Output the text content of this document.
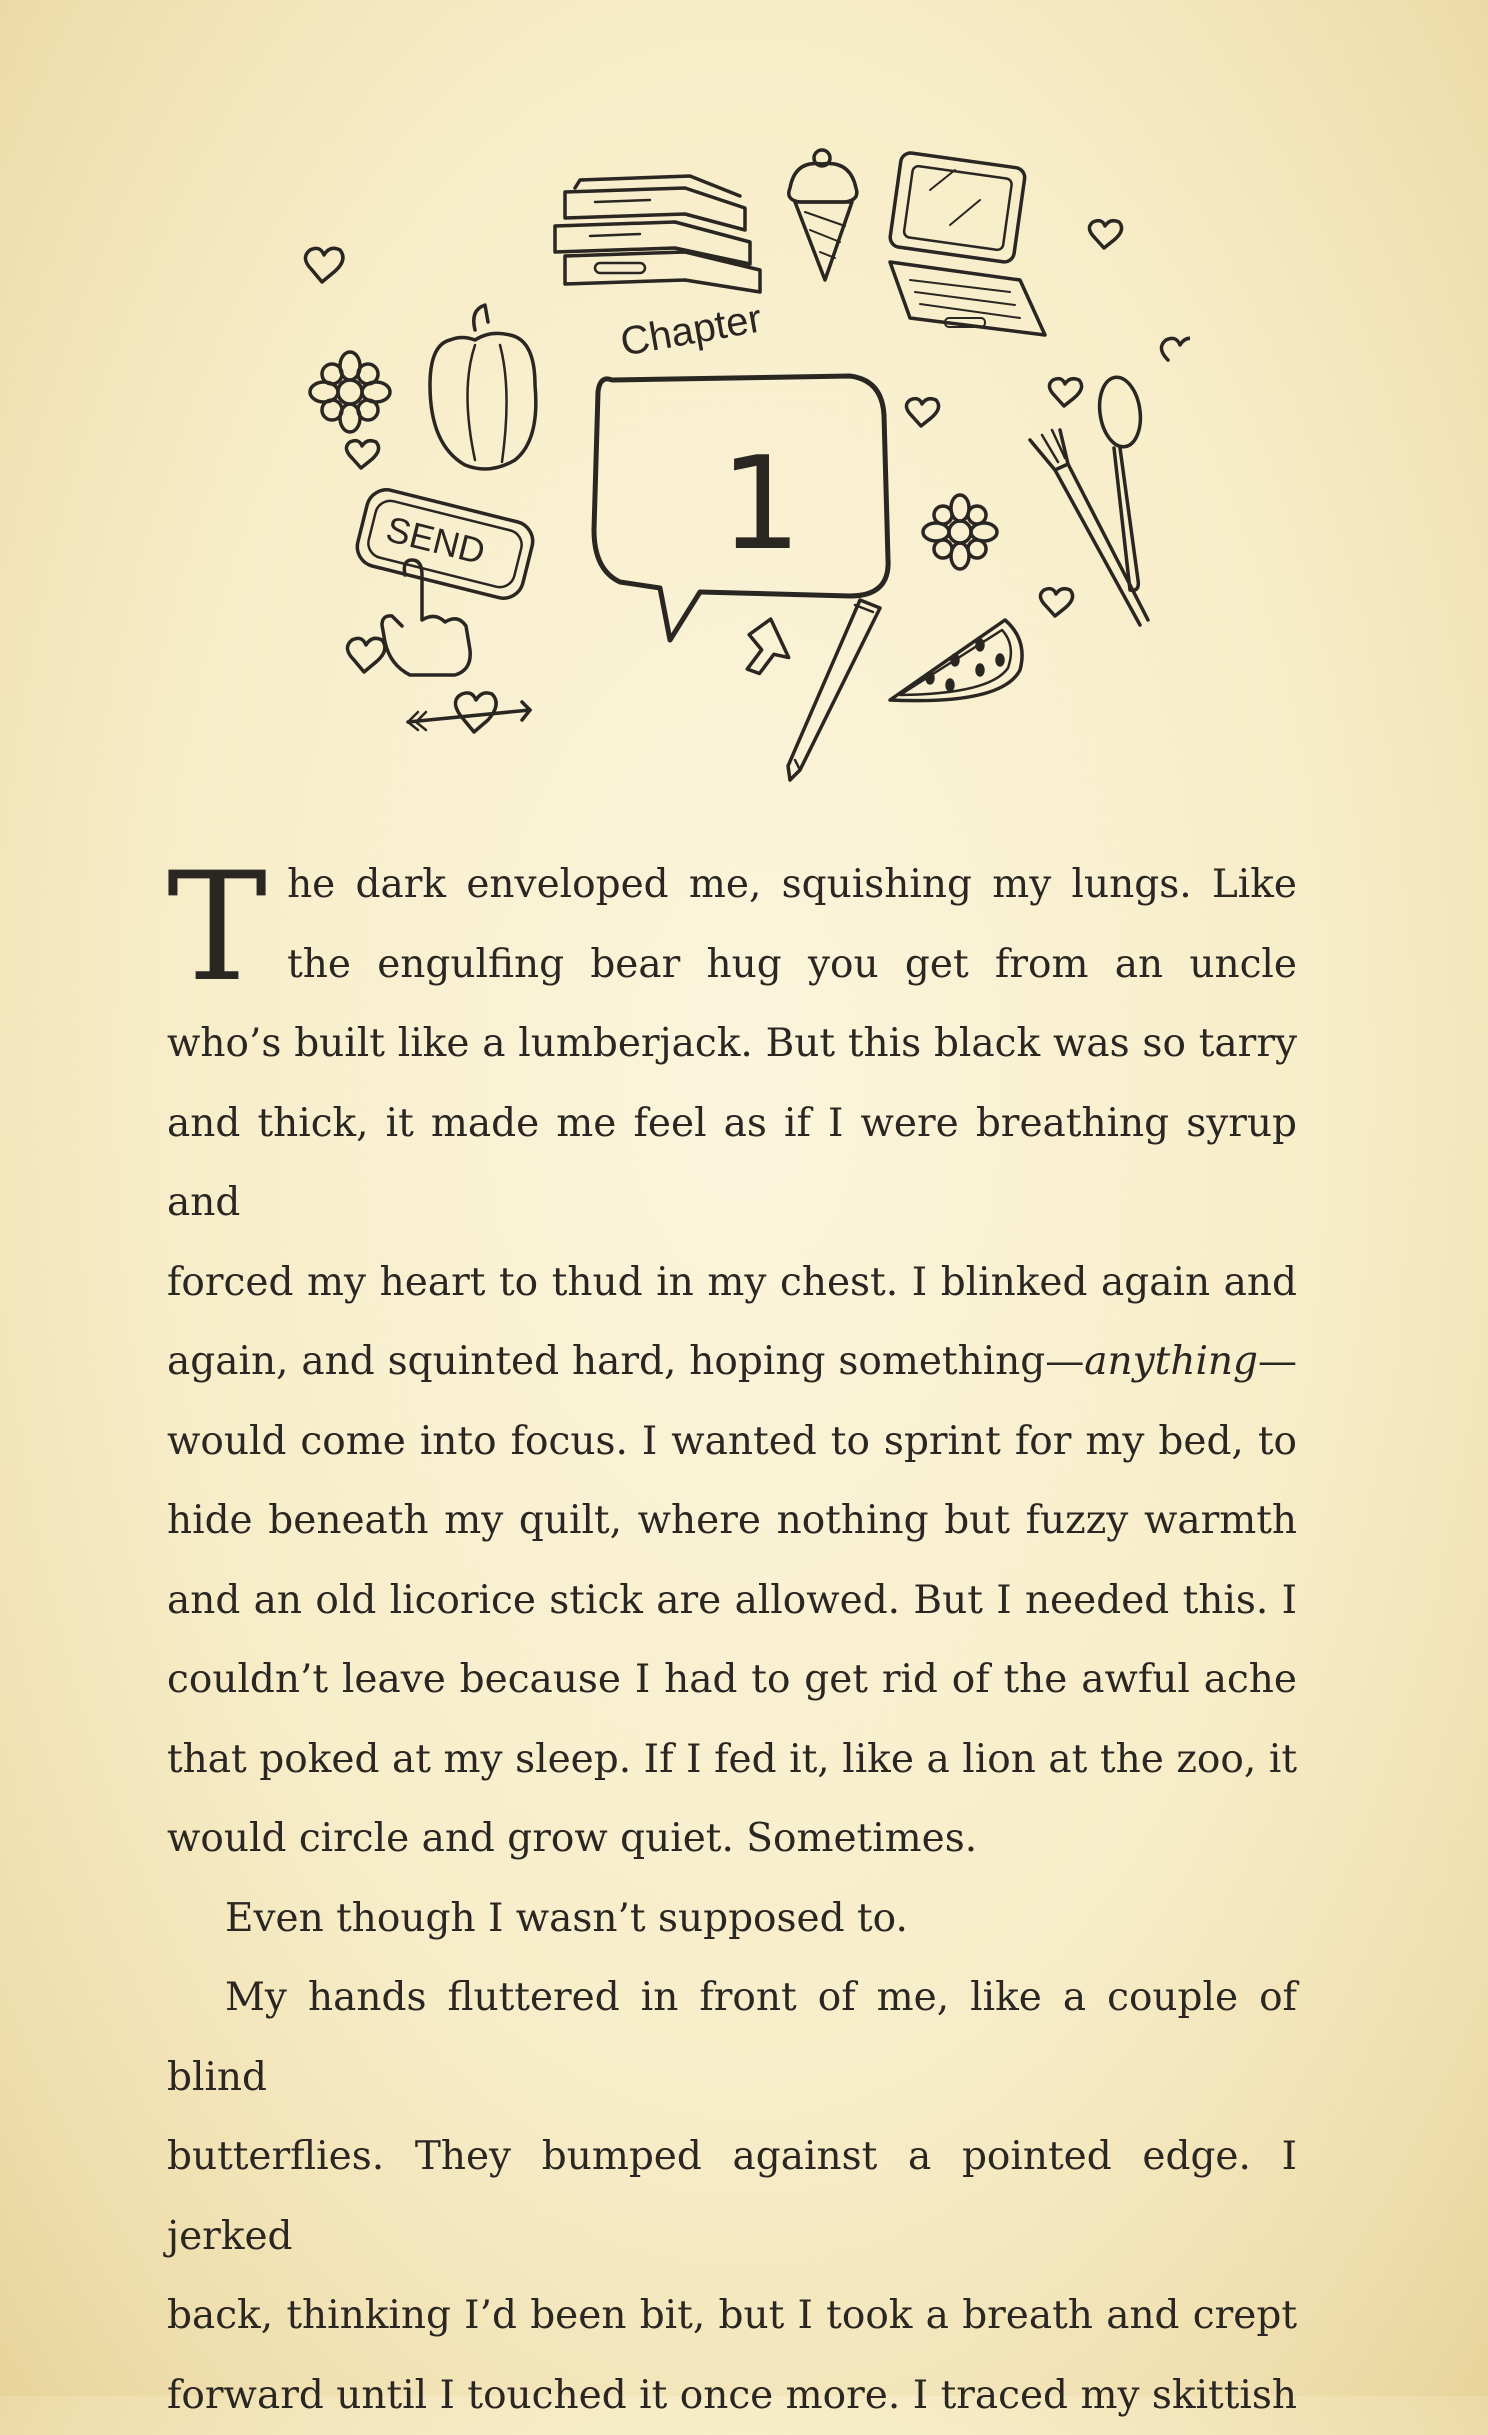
Chapter
1
SEND
T he dark enveloped me, squishing my lungs. Like
the engulfing bear hug you get from an uncle
who’s built like a lumberjack. But this black was so tarry
and thick, it made me feel as if I were breathing syrup and
forced my heart to thud in my chest. I blinked again and
again, and squinted hard, hoping something—anything—
would come into focus. I wanted to sprint for my bed, to
hide beneath my quilt, where nothing but fuzzy warmth
and an old licorice stick are allowed. But I needed this. I
couldn’t leave because I had to get rid of the awful ache
that poked at my sleep. If I fed it, like a lion at the zoo, it
would circle and grow quiet. Sometimes.

Even though I wasn’t supposed to.

My hands fluttered in front of me, like a couple of blind
butterflies. They bumped against a pointed edge. I jerked
back, thinking I’d been bit, but I took a breath and crept
forward until I touched it once more. I traced my skittish
